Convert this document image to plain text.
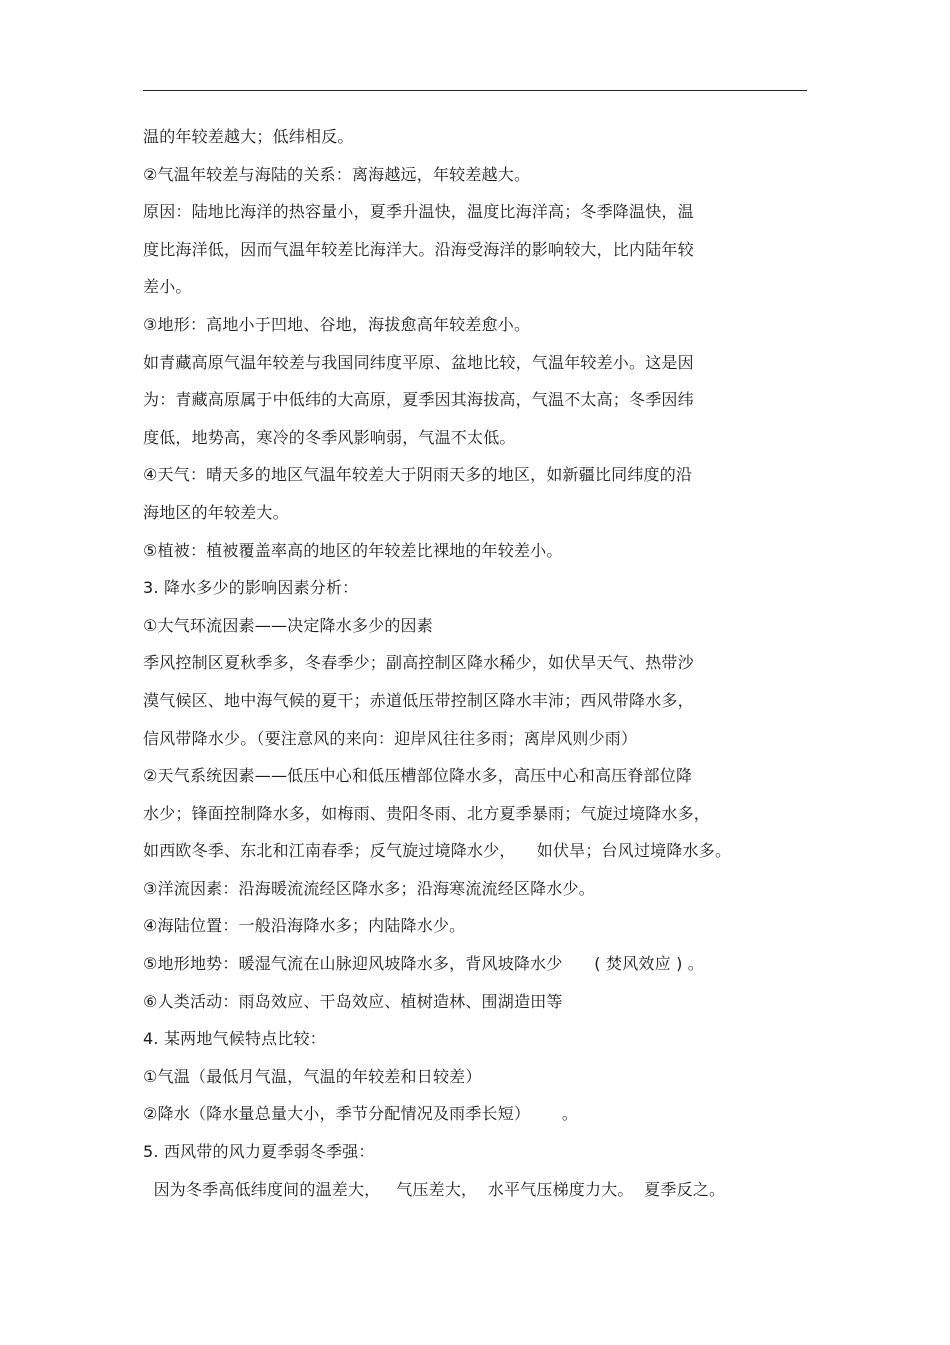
温的年较差越大；低纬相反。
②气温年较差与海陆的关系：离海越远，年较差越大。
原因：陆地比海洋的热容量小，夏季升温快，温度比海洋高；冬季降温快，温
度比海洋低，因而气温年较差比海洋大。沿海受海洋的影响较大，比内陆年较
差小。
③地形：高地小于凹地、谷地，海拔愈高年较差愈小。
如青藏高原气温年较差与我国同纬度平原、盆地比较，气温年较差小。这是因
为：青藏高原属于中低纬的大高原，夏季因其海拔高，气温不太高；冬季因纬
度低，地势高，寒冷的冬季风影响弱，气温不太低。
④天气：晴天多的地区气温年较差大于阴雨天多的地区，如新疆比同纬度的沿
海地区的年较差大。
⑤植被：植被覆盖率高的地区的年较差比裸地的年较差小。
3. 降水多少的影响因素分析：
①大气环流因素——决定降水多少的因素
季风控制区夏秋季多，冬春季少；副高控制区降水稀少，如伏旱天气、热带沙
漠气候区、地中海气候的夏干；赤道低压带控制区降水丰沛；西风带降水多，
信风带降水少。（要注意风的来向：迎岸风往往多雨；离岸风则少雨）
②天气系统因素——低压中心和低压槽部位降水多，高压中心和高压脊部位降
水少；锋面控制降水多，如梅雨、贵阳冬雨、北方夏季暴雨；气旋过境降水多，
如西欧冬季、东北和江南春季；反气旋过境降水少，    如伏旱；台风过境降水多。
③洋流因素：沿海暖流流经区降水多；沿海寒流流经区降水少。
④海陆位置：一般沿海降水多；内陆降水少。
⑤地形地势：暖湿气流在山脉迎风坡降水多，背风坡降水少      ( 焚风效应 ) 。
⑥人类活动：雨岛效应、干岛效应、植树造林、围湖造田等
4. 某两地气候特点比较：
①气温（最低月气温，气温的年较差和日较差）
②降水（降水量总量大小，季节分配情况及雨季长短）      。
5. 西风带的风力夏季弱冬季强：
因为冬季高低纬度间的温差大，   气压差大，  水平气压梯度力大。  夏季反之。
